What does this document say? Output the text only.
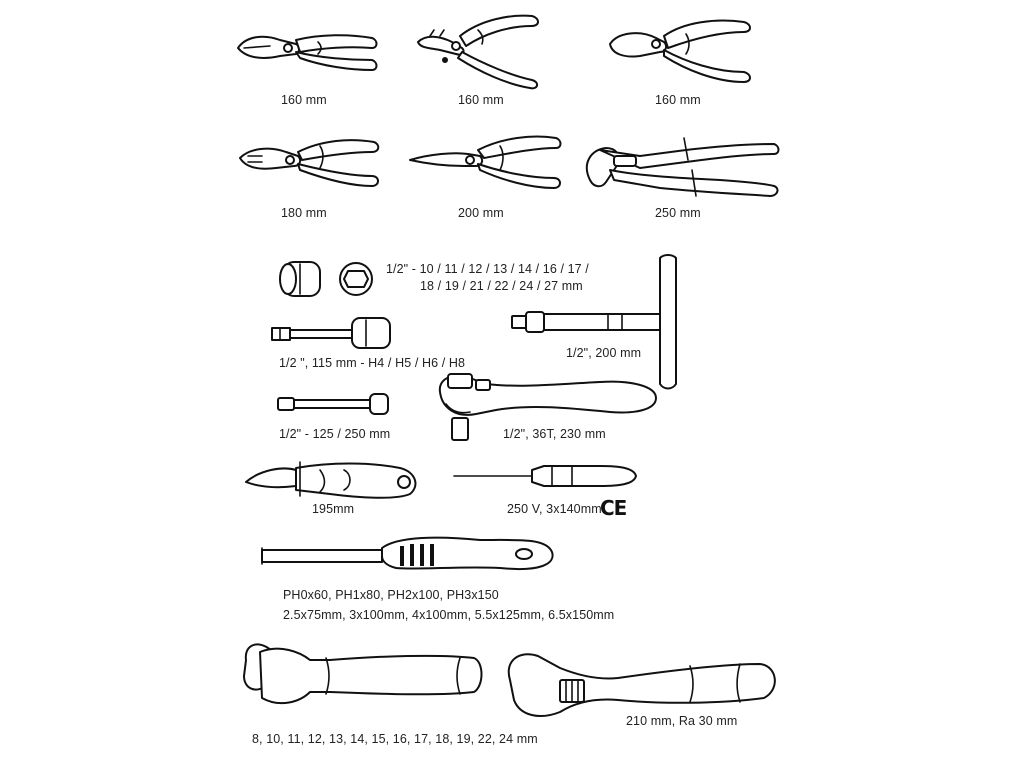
160 mm	160 mm	160 mm
180 mm	200 mm	250 mm
1/2" - 10 / 11 / 12 / 13 / 14 / 16 / 17 /
18 / 19 / 21 / 22 / 24 / 27 mm
1/2 ", 115 mm - H4 / H5 / H6 / H8
1/2", 200 mm
1/2" - 125 / 250 mm	1/2", 36T, 230 mm
195mm	250 V, 3x140mm
CE
PH0x60, PH1x80, PH2x100, PH3x150
2.5x75mm, 3x100mm, 4x100mm, 5.5x125mm, 6.5x150mm
8, 10, 11, 12, 13, 14, 15, 16, 17, 18, 19, 22, 24 mm
210 mm, Ra 30 mm
